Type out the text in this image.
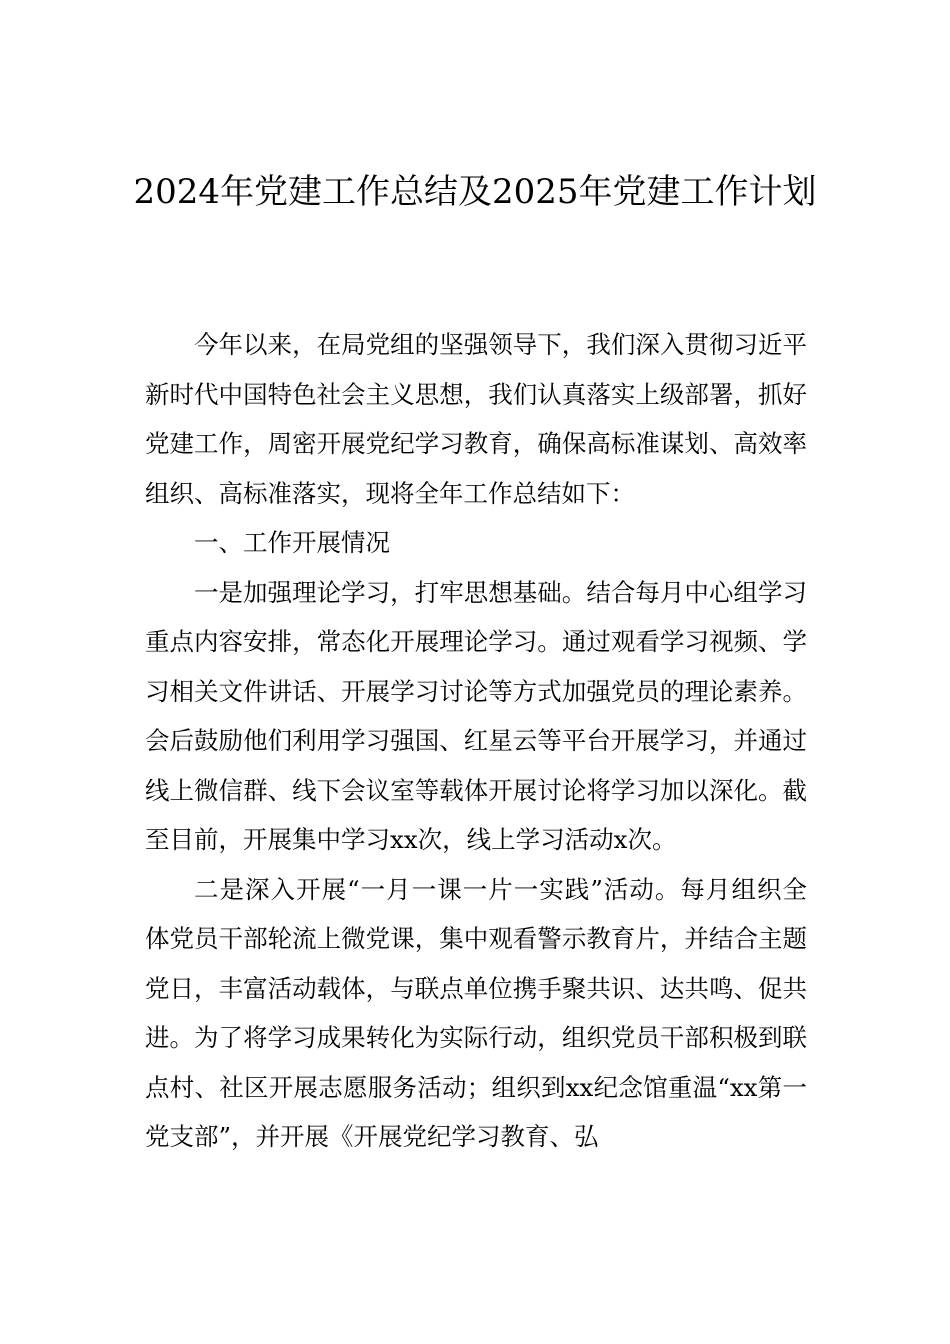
2024年党建工作总结及2025年党建工作计划

今年以来，在局党组的坚强领导下，我们深入贯彻习近平新时代中国特色社会主义思想，我们认真落实上级部署，抓好党建工作，周密开展党纪学习教育，确保高标准谋划、高效率组织、高标准落实，现将全年工作总结如下：

一、工作开展情况

一是加强理论学习，打牢思想基础。结合每月中心组学习重点内容安排，常态化开展理论学习。通过观看学习视频、学习相关文件讲话、开展学习讨论等方式加强党员的理论素养。会后鼓励他们利用学习强国、红星云等平台开展学习，并通过线上微信群、线下会议室等载体开展讨论将学习加以深化。截至目前，开展集中学习xx次，线上学习活动x次。

二是深入开展“一月一课一片一实践”活动。每月组织全体党员干部轮流上微党课，集中观看警示教育片，并结合主题党日，丰富活动载体，与联点单位携手聚共识、达共鸣、促共进。为了将学习成果转化为实际行动，组织党员干部积极到联点村、社区开展志愿服务活动；组织到xx纪念馆重温“xx第一党支部”，并开展《开展党纪学习教育、弘
